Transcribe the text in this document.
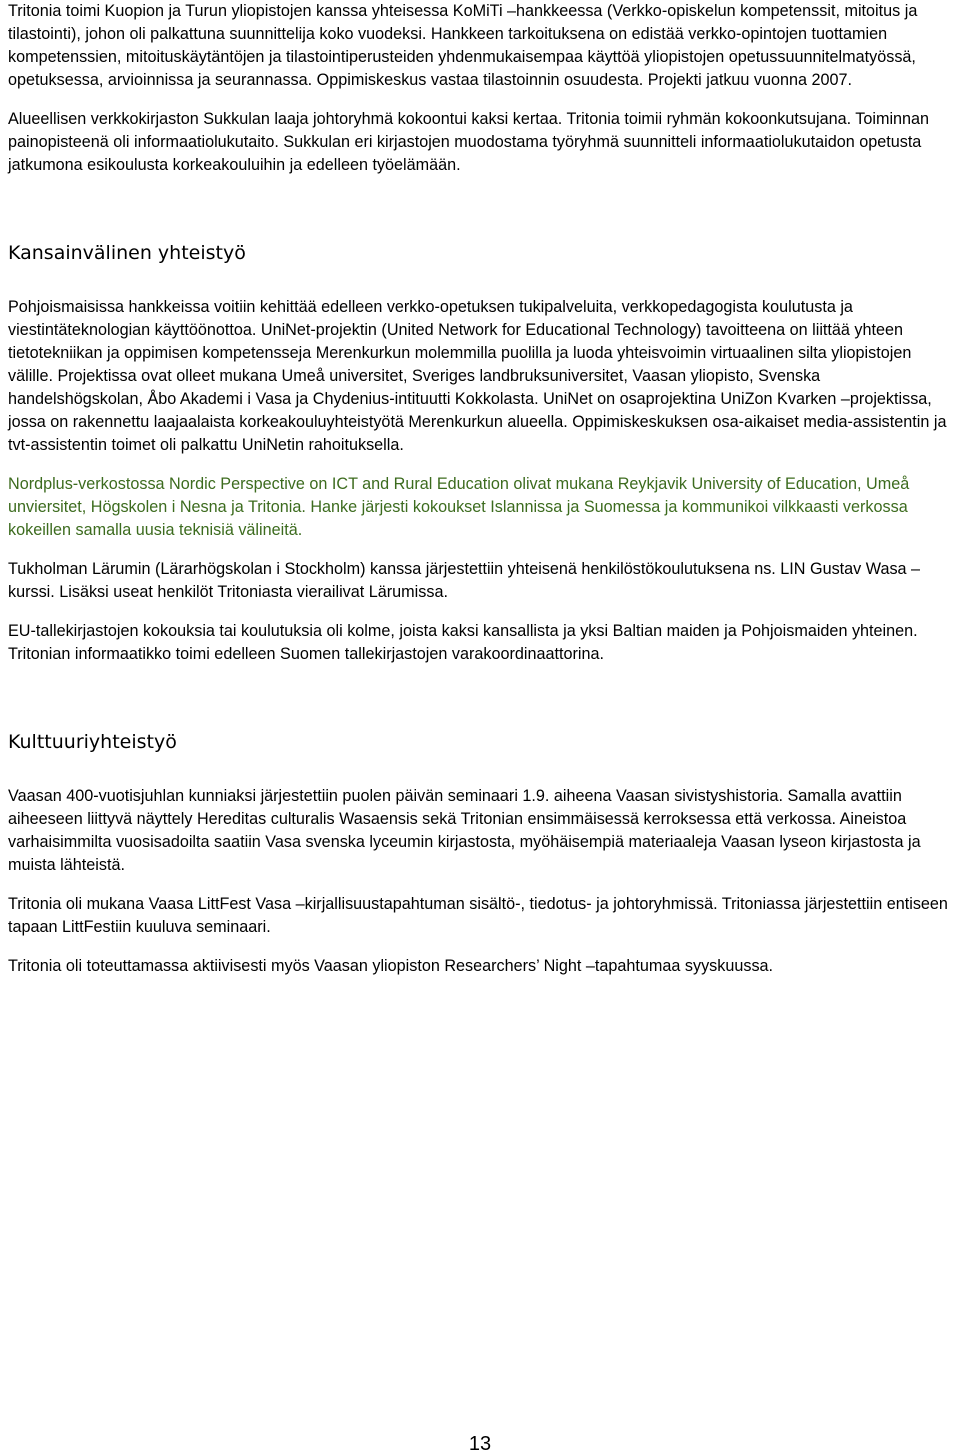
Tritonia toimi Kuopion ja Turun yliopistojen kanssa yhteisessa KoMiTi –hankkeessa (Verkko-opiskelun kompetenssit, mitoitus ja tilastointi), johon oli palkattuna suunnittelija koko vuodeksi. Hankkeen tarkoituksena on edistää verkko-opintojen tuottamien kompetenssien, mitoituskäytäntöjen ja tilastointiperusteiden yhdenmukaisempaa käyttöä yliopistojen opetussuunnitelmatyössä, opetuksessa, arvioinnissa ja seurannassa. Oppimiskeskus vastaa tilastoinnin osuudesta. Projekti jatkuu vuonna 2007.

Alueellisen verkkokirjaston Sukkulan laaja johtoryhmä kokoontui kaksi kertaa. Tritonia toimii ryhmän kokoonkutsujana. Toiminnan painopisteenä oli informaatiolukutaito. Sukkulan eri kirjastojen muodostama työryhmä suunnitteli informaatiolukutaidon opetusta jatkumona esikoulusta korkeakouluihin ja edelleen työelämään.

Kansainvälinen yhteistyö

Pohjoismaisissa hankkeissa voitiin kehittää edelleen verkko-opetuksen tukipalveluita, verkkopedagogista koulutusta ja viestintäteknologian käyttöönottoa. UniNet-projektin (United Network for Educational Technology) tavoitteena on liittää yhteen tietotekniikan ja oppimisen kompetensseja Merenkurkun molemmilla puolilla ja luoda yhteisvoimin virtuaalinen silta yliopistojen välille. Projektissa ovat olleet mukana Umeå universitet, Sveriges landbruksuniversitet, Vaasan yliopisto, Svenska handelshögskolan, Åbo Akademi i Vasa ja Chydenius-intituutti Kokkolasta. UniNet on osaprojektina UniZon Kvarken –projektissa, jossa on rakennettu laajaalaista korkeakouluyhteistyötä Merenkurkun alueella. Oppimiskeskuksen osa-aikaiset media-assistentin ja tvt-assistentin toimet oli palkattu UniNetin rahoituksella.

Nordplus-verkostossa Nordic Perspective on ICT and Rural Education olivat mukana Reykjavik University of Education, Umeå unviersitet, Högskolen i Nesna ja Tritonia. Hanke järjesti kokoukset Islannissa ja Suomessa ja kommunikoi vilkkaasti verkossa kokeillen samalla uusia teknisiä välineitä.

Tukholman Lärumin (Lärarhögskolan i Stockholm) kanssa järjestettiin yhteisenä henkilöstökoulutuksena ns. LIN Gustav Wasa –kurssi. Lisäksi useat henkilöt Tritoniasta vierailivat Lärumissa.

EU-tallekirjastojen kokouksia tai koulutuksia oli kolme, joista kaksi kansallista ja yksi Baltian maiden ja Pohjoismaiden yhteinen. Tritonian informaatikko toimi edelleen Suomen tallekirjastojen varakoordinaattorina.

Kulttuuriyhteistyö

Vaasan 400-vuotisjuhlan kunniaksi järjestettiin puolen päivän seminaari 1.9. aiheena Vaasan sivistyshistoria. Samalla avattiin aiheeseen liittyvä näyttely Hereditas culturalis Wasaensis sekä Tritonian ensimmäisessä kerroksessa että verkossa. Aineistoa varhaisimmilta vuosisadoilta saatiin Vasa svenska lyceumin kirjastosta, myöhäisempiä materiaaleja Vaasan lyseon kirjastosta ja muista lähteistä.

Tritonia oli mukana Vaasa LittFest Vasa –kirjallisuustapahtuman sisältö-, tiedotus- ja johtoryhmissä. Tritoniassa järjestettiin entiseen tapaan LittFestiin kuuluva seminaari.

Tritonia oli toteuttamassa aktiivisesti myös Vaasan yliopiston Researchers’ Night –tapahtumaa syyskuussa.

13
